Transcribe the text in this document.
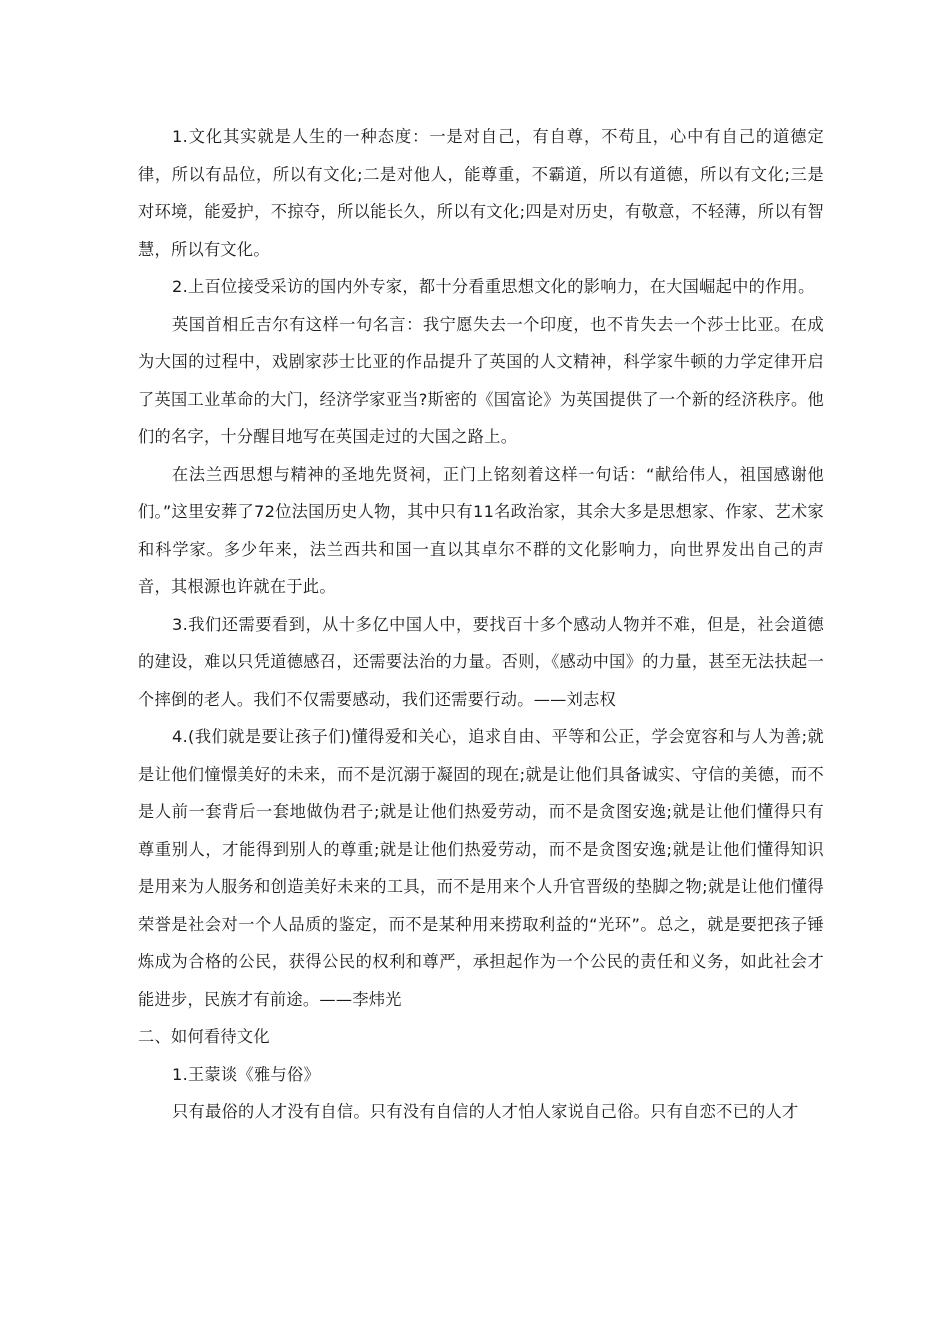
1.文化其实就是人生的一种态度：一是对自己，有自尊，不苟且，心中有自己的道德定律，所以有品位，所以有文化;二是对他人，能尊重，不霸道，所以有道德，所以有文化;三是对环境，能爱护，不掠夺，所以能长久，所以有文化;四是对历史，有敬意，不轻薄，所以有智慧，所以有文化。

2.上百位接受采访的国内外专家，都十分看重思想文化的影响力，在大国崛起中的作用。

英国首相丘吉尔有这样一句名言：我宁愿失去一个印度，也不肯失去一个莎士比亚。在成为大国的过程中，戏剧家莎士比亚的作品提升了英国的人文精神，科学家牛顿的力学定律开启了英国工业革命的大门，经济学家亚当?斯密的《国富论》为英国提供了一个新的经济秩序。他们的名字，十分醒目地写在英国走过的大国之路上。

在法兰西思想与精神的圣地先贤祠，正门上铭刻着这样一句话：“献给伟人，祖国感谢他们。”这里安葬了72位法国历史人物，其中只有11名政治家，其余大多是思想家、作家、艺术家和科学家。多少年来，法兰西共和国一直以其卓尔不群的文化影响力，向世界发出自己的声音，其根源也许就在于此。

3.我们还需要看到，从十多亿中国人中，要找百十多个感动人物并不难，但是，社会道德的建设，难以只凭道德感召，还需要法治的力量。否则，《感动中国》的力量，甚至无法扶起一个摔倒的老人。我们不仅需要感动，我们还需要行动。——刘志权

4.(我们就是要让孩子们)懂得爱和关心，追求自由、平等和公正，学会宽容和与人为善;就是让他们憧憬美好的未来，而不是沉溺于凝固的现在;就是让他们具备诚实、守信的美德，而不是人前一套背后一套地做伪君子;就是让他们热爱劳动，而不是贪图安逸;就是让他们懂得只有尊重别人，才能得到别人的尊重;就是让他们热爱劳动，而不是贪图安逸;就是让他们懂得知识是用来为人服务和创造美好未来的工具，而不是用来个人升官晋级的垫脚之物;就是让他们懂得荣誉是社会对一个人品质的鉴定，而不是某种用来捞取利益的“光环”。总之，就是要把孩子锤炼成为合格的公民，获得公民的权利和尊严，承担起作为一个公民的责任和义务，如此社会才能进步，民族才有前途。——李炜光

二、如何看待文化

1.王蒙谈《雅与俗》

只有最俗的人才没有自信。只有没有自信的人才怕人家说自己俗。只有自恋不已的人才
